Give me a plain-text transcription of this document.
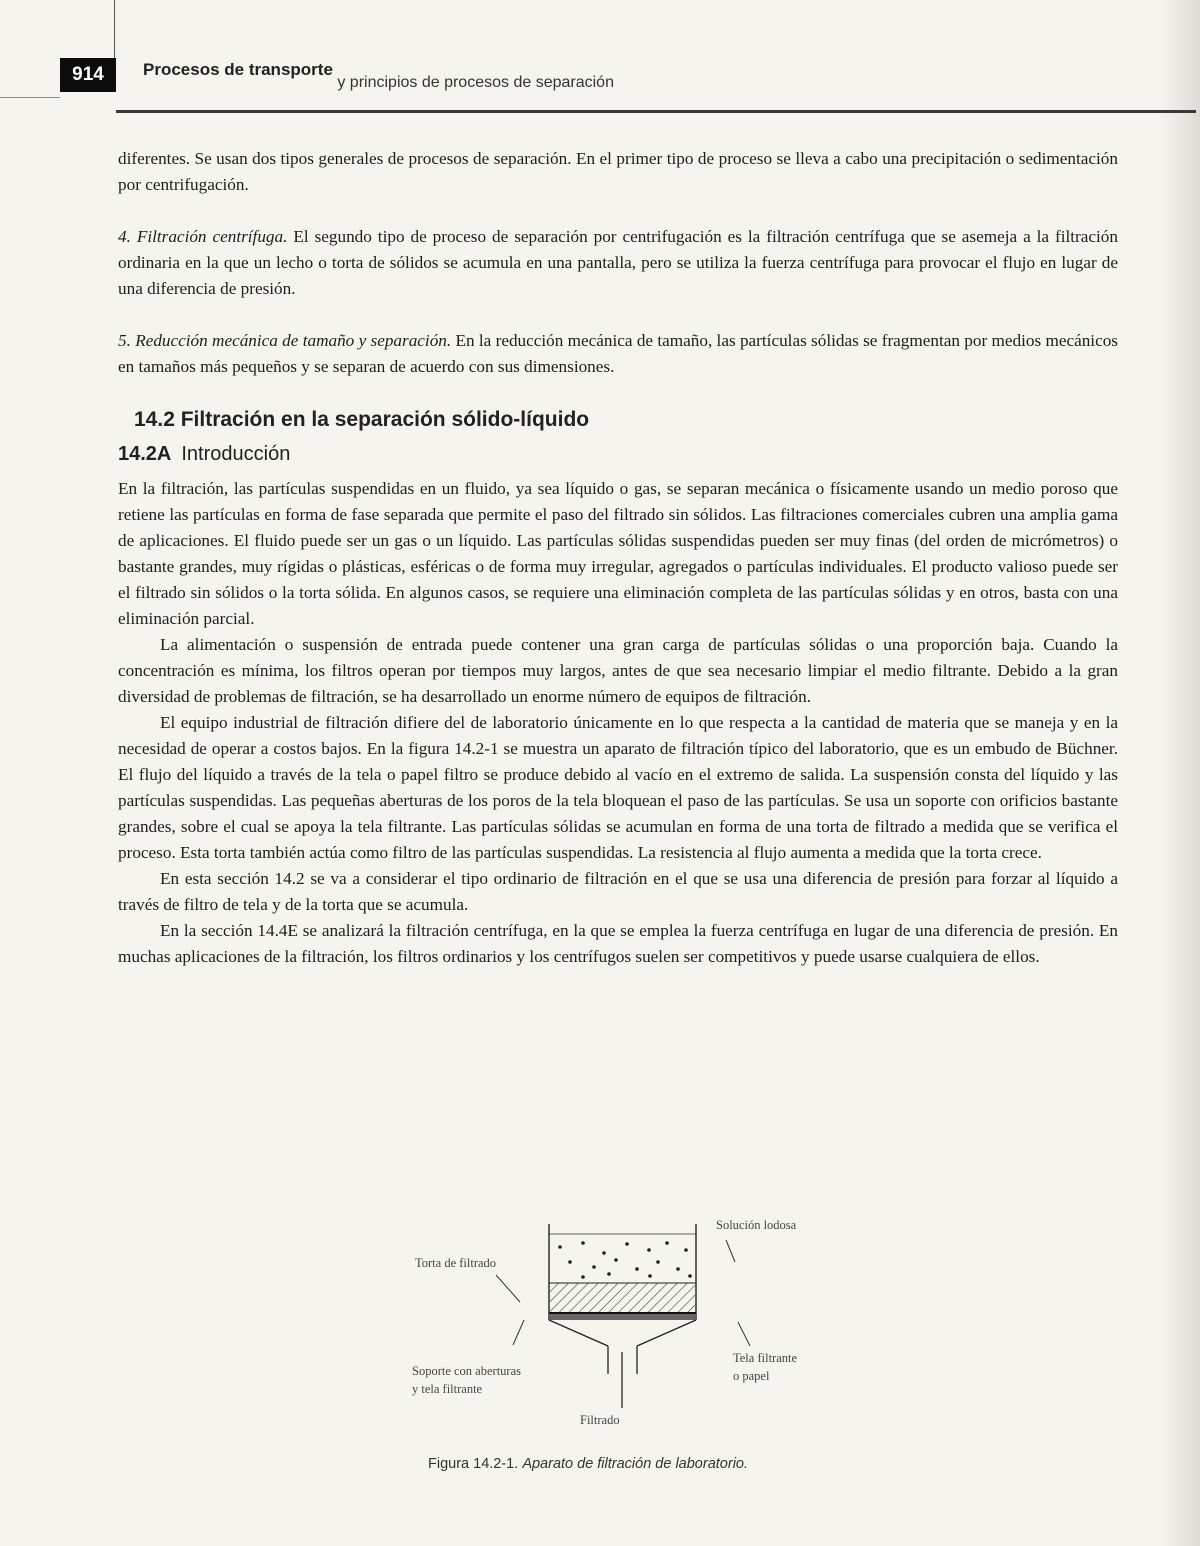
914	Procesos de transporte y principios de procesos de separación

diferentes. Se usan dos tipos generales de procesos de separación. En el primer tipo de proceso se lleva a cabo una precipitación o sedimentación por centrifugación.

4. Filtración centrífuga. El segundo tipo de proceso de separación por centrifugación es la filtración centrífuga que se asemeja a la filtración ordinaria en la que un lecho o torta de sólidos se acumula en una pantalla, pero se utiliza la fuerza centrífuga para provocar el flujo en lugar de una diferencia de presión.

5. Reducción mecánica de tamaño y separación. En la reducción mecánica de tamaño, las partículas sólidas se fragmentan por medios mecánicos en tamaños más pequeños y se separan de acuerdo con sus dimensiones.

14.2 Filtración en la separación sólido-líquido
14.2A Introducción

En la filtración, las partículas suspendidas en un fluido, ya sea líquido o gas, se separan mecánica o físicamente usando un medio poroso que retiene las partículas en forma de fase separada que permite el paso del filtrado sin sólidos. Las filtraciones comerciales cubren una amplia gama de aplicaciones. El fluido puede ser un gas o un líquido. Las partículas sólidas suspendidas pueden ser muy finas (del orden de micrómetros) o bastante grandes, muy rígidas o plásticas, esféricas o de forma muy irregular, agregados o partículas individuales. El producto valioso puede ser el filtrado sin sólidos o la torta sólida. En algunos casos, se requiere una eliminación completa de las partículas sólidas y en otros, basta con una eliminación parcial.

La alimentación o suspensión de entrada puede contener una gran carga de partículas sólidas o una proporción baja. Cuando la concentración es mínima, los filtros operan por tiempos muy largos, antes de que sea necesario limpiar el medio filtrante. Debido a la gran diversidad de problemas de filtración, se ha desarrollado un enorme número de equipos de filtración.

El equipo industrial de filtración difiere del de laboratorio únicamente en lo que respecta a la cantidad de materia que se maneja y en la necesidad de operar a costos bajos. En la figura 14.2-1 se muestra un aparato de filtración típico del laboratorio, que es un embudo de Büchner. El flujo del líquido a través de la tela o papel filtro se produce debido al vacío en el extremo de salida. La suspensión consta del líquido y las partículas suspendidas. Las pequeñas aberturas de los poros de la tela bloquean el paso de las partículas. Se usa un soporte con orificios bastante grandes, sobre el cual se apoya la tela filtrante. Las partículas sólidas se acumulan en forma de una torta de filtrado a medida que se verifica el proceso. Esta torta también actúa como filtro de las partículas suspendidas. La resistencia al flujo aumenta a medida que la torta crece.

En esta sección 14.2 se va a considerar el tipo ordinario de filtración en el que se usa una diferencia de presión para forzar al líquido a través de filtro de tela y de la torta que se acumula.

En la sección 14.4E se analizará la filtración centrífuga, en la que se emplea la fuerza centrífuga en lugar de una diferencia de presión. En muchas aplicaciones de la filtración, los filtros ordinarios y los centrífugos suelen ser competitivos y puede usarse cualquiera de ellos.

Solución lodosa
Torta de filtrado
Soporte con aberturas
y tela filtrante
Tela filtrante
o papel
Filtrado
Figura 14.2-1. Aparato de filtración de laboratorio.
